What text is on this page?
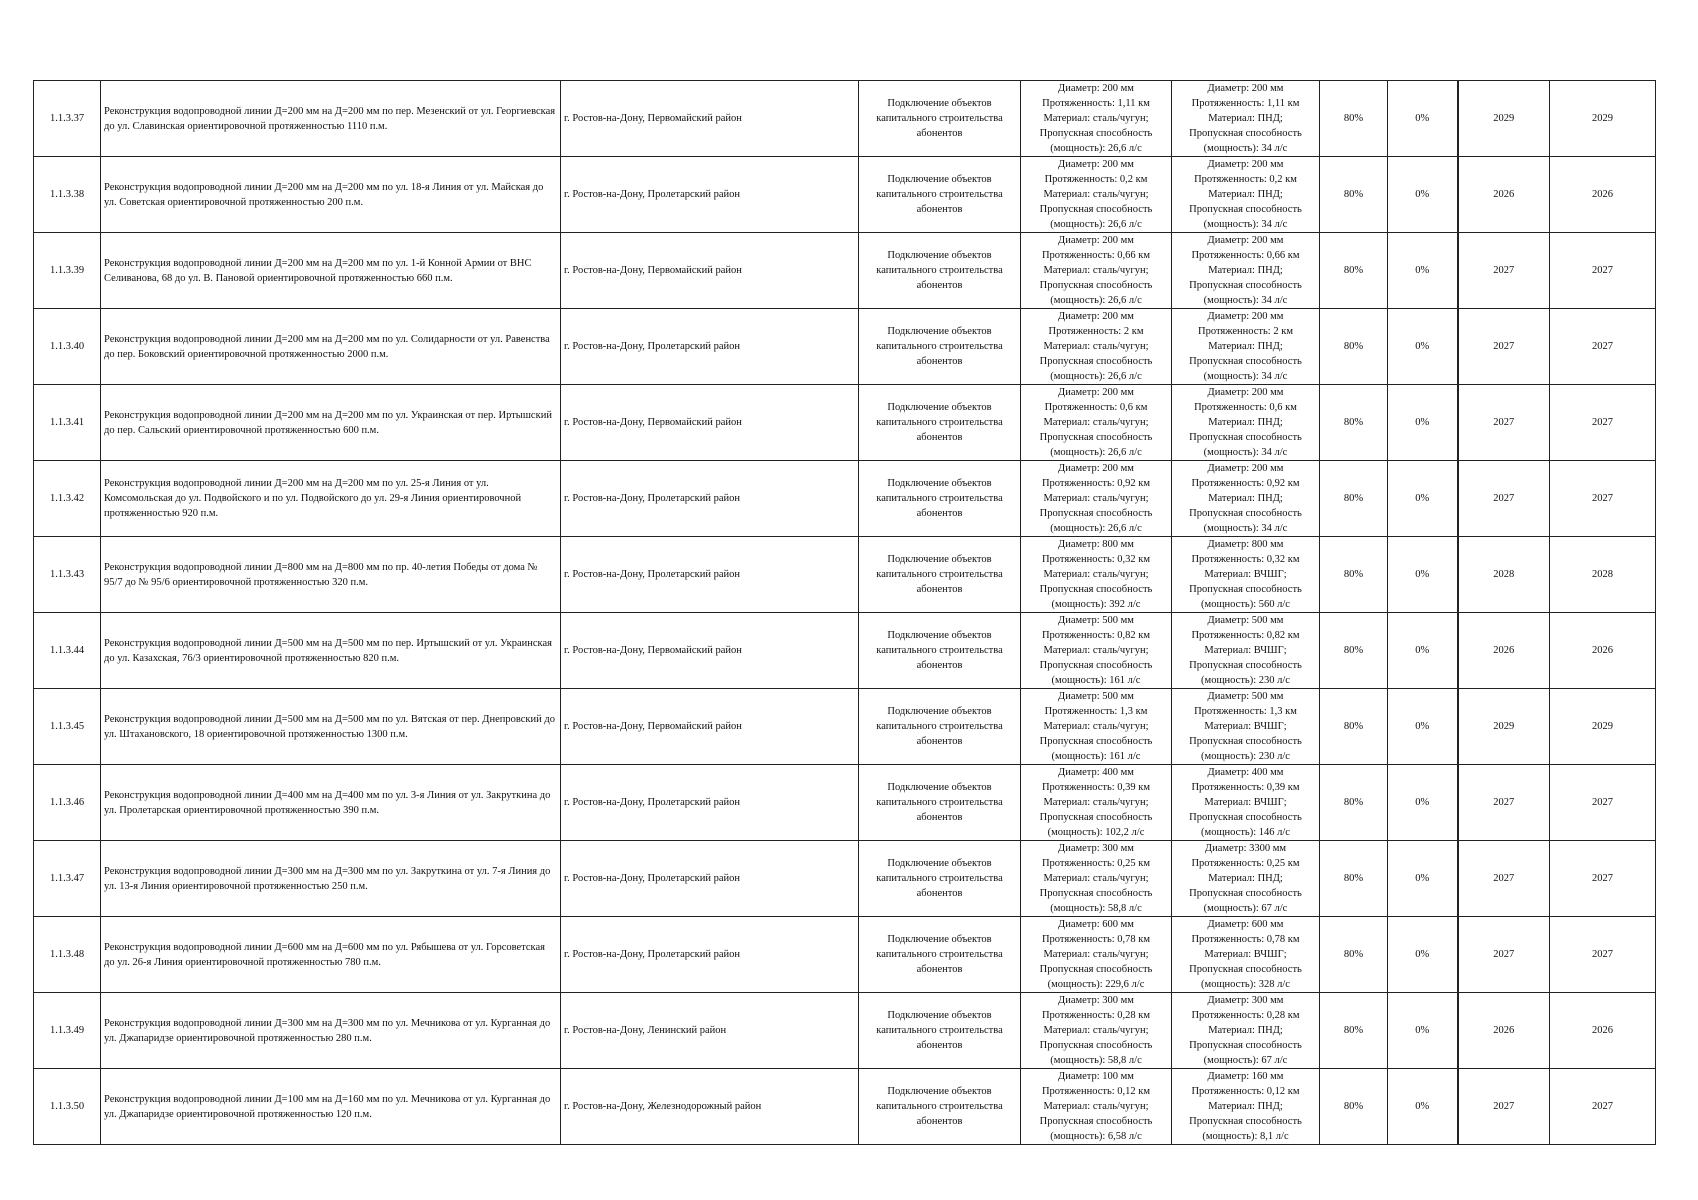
1.1.3.37	Реконструкция водопроводной линии Д=200 мм на Д=200 мм по пер. Мезенский от ул. Георгиевская до ул. Славинская ориентировочной протяженностью 1110 п.м.	г. Ростов-на-Дону, Первомайский район	Подключение объектов капитального строительства абонентов	Диаметр: 200 мм
Протяженность: 1,11 км
Материал: сталь/чугун;
Пропускная способность
(мощность): 26,6 л/с	Диаметр: 200 мм
Протяженность: 1,11 км
Материал: ПНД;
Пропускная способность
(мощность): 34 л/с	80%	0%	2029	2029
1.1.3.38	Реконструкция водопроводной линии Д=200 мм на Д=200 мм по ул. 18-я Линия от ул. Майская до ул. Советская ориентировочной протяженностью 200 п.м.	г. Ростов-на-Дону, Пролетарский район	Подключение объектов капитального строительства абонентов	Диаметр: 200 мм
Протяженность: 0,2 км
Материал: сталь/чугун;
Пропускная способность
(мощность): 26,6 л/с	Диаметр: 200 мм
Протяженность: 0,2 км
Материал: ПНД;
Пропускная способность
(мощность): 34 л/с	80%	0%	2026	2026
1.1.3.39	Реконструкция водопроводной линии Д=200 мм на Д=200 мм по ул. 1-й Конной Армии от ВНС Селиванова, 68 до ул. В. Пановой ориентировочной протяженностью 660 п.м.	г. Ростов-на-Дону, Первомайский район	Подключение объектов капитального строительства абонентов	Диаметр: 200 мм
Протяженность: 0,66 км
Материал: сталь/чугун;
Пропускная способность
(мощность): 26,6 л/с	Диаметр: 200 мм
Протяженность: 0,66 км
Материал: ПНД;
Пропускная способность
(мощность): 34 л/с	80%	0%	2027	2027
1.1.3.40	Реконструкция водопроводной линии Д=200 мм на Д=200 мм по ул. Солидарности от ул. Равенства до пер. Боковский ориентировочной протяженностью 2000 п.м.	г. Ростов-на-Дону, Пролетарский район	Подключение объектов капитального строительства абонентов	Диаметр: 200 мм
Протяженность: 2 км
Материал: сталь/чугун;
Пропускная способность
(мощность): 26,6 л/с	Диаметр: 200 мм
Протяженность: 2 км
Материал: ПНД;
Пропускная способность
(мощность): 34 л/с	80%	0%	2027	2027
1.1.3.41	Реконструкция водопроводной линии Д=200 мм на Д=200 мм по ул. Украинская от пер. Иртышский до пер. Сальский ориентировочной протяженностью 600 п.м.	г. Ростов-на-Дону, Первомайский район	Подключение объектов капитального строительства абонентов	Диаметр: 200 мм
Протяженность: 0,6 км
Материал: сталь/чугун;
Пропускная способность
(мощность): 26,6 л/с	Диаметр: 200 мм
Протяженность: 0,6 км
Материал: ПНД;
Пропускная способность
(мощность): 34 л/с	80%	0%	2027	2027
1.1.3.42	Реконструкция водопроводной линии Д=200 мм на Д=200 мм по ул. 25-я Линия от ул. Комсомольская до ул. Подвойского и по ул. Подвойского до ул. 29-я Линия ориентировочной протяженностью 920 п.м.	г. Ростов-на-Дону, Пролетарский район	Подключение объектов капитального строительства абонентов	Диаметр: 200 мм
Протяженность: 0,92 км
Материал: сталь/чугун;
Пропускная способность
(мощность): 26,6 л/с	Диаметр: 200 мм
Протяженность: 0,92 км
Материал: ПНД;
Пропускная способность
(мощность): 34 л/с	80%	0%	2027	2027
1.1.3.43	Реконструкция водопроводной линии Д=800 мм на Д=800 мм по пр. 40-летия Победы от дома № 95/7 до № 95/6 ориентировочной протяженностью 320 п.м.	г. Ростов-на-Дону, Пролетарский район	Подключение объектов капитального строительства абонентов	Диаметр: 800 мм
Протяженность: 0,32 км
Материал: сталь/чугун;
Пропускная способность
(мощность): 392 л/с	Диаметр: 800 мм
Протяженность: 0,32 км
Материал: ВЧШГ;
Пропускная способность
(мощность): 560 л/с	80%	0%	2028	2028
1.1.3.44	Реконструкция водопроводной линии Д=500 мм на Д=500 мм по пер. Иртышский от ул. Украинская до ул. Казахская, 76/3 ориентировочной протяженностью 820 п.м.	г. Ростов-на-Дону, Первомайский район	Подключение объектов капитального строительства абонентов	Диаметр: 500 мм
Протяженность: 0,82 км
Материал: сталь/чугун;
Пропускная способность
(мощность): 161 л/с	Диаметр: 500 мм
Протяженность: 0,82 км
Материал: ВЧШГ;
Пропускная способность
(мощность): 230 л/с	80%	0%	2026	2026
1.1.3.45	Реконструкция водопроводной линии Д=500 мм на Д=500 мм по ул. Вятская от пер. Днепровский до ул. Штахановского, 18 ориентировочной протяженностью 1300 п.м.	г. Ростов-на-Дону, Первомайский район	Подключение объектов капитального строительства абонентов	Диаметр: 500 мм
Протяженность: 1,3 км
Материал: сталь/чугун;
Пропускная способность
(мощность): 161 л/с	Диаметр: 500 мм
Протяженность: 1,3 км
Материал: ВЧШГ;
Пропускная способность
(мощность): 230 л/с	80%	0%	2029	2029
1.1.3.46	Реконструкция водопроводной линии Д=400 мм на Д=400 мм по ул. 3-я Линия от ул. Закруткина до ул. Пролетарская ориентировочной протяженностью 390 п.м.	г. Ростов-на-Дону, Пролетарский район	Подключение объектов капитального строительства абонентов	Диаметр: 400 мм
Протяженность: 0,39 км
Материал: сталь/чугун;
Пропускная способность
(мощность): 102,2 л/с	Диаметр: 400 мм
Протяженность: 0,39 км
Материал: ВЧШГ;
Пропускная способность
(мощность): 146 л/с	80%	0%	2027	2027
1.1.3.47	Реконструкция водопроводной линии Д=300 мм на Д=300 мм по ул. Закруткина от ул. 7-я Линия до ул. 13-я Линия ориентировочной протяженностью 250 п.м.	г. Ростов-на-Дону, Пролетарский район	Подключение объектов капитального строительства абонентов	Диаметр: 300 мм
Протяженность: 0,25 км
Материал: сталь/чугун;
Пропускная способность
(мощность): 58,8 л/с	Диаметр: 3300 мм
Протяженность: 0,25 км
Материал: ПНД;
Пропускная способность
(мощность): 67 л/с	80%	0%	2027	2027
1.1.3.48	Реконструкция водопроводной линии Д=600 мм на Д=600 мм по ул. Рябышева от ул. Горсоветская до ул. 26-я Линия ориентировочной протяженностью 780 п.м.	г. Ростов-на-Дону, Пролетарский район	Подключение объектов капитального строительства абонентов	Диаметр: 600 мм
Протяженность: 0,78 км
Материал: сталь/чугун;
Пропускная способность
(мощность): 229,6 л/с	Диаметр: 600 мм
Протяженность: 0,78 км
Материал: ВЧШГ;
Пропускная способность
(мощность): 328 л/с	80%	0%	2027	2027
1.1.3.49	Реконструкция водопроводной линии Д=300 мм на Д=300 мм по ул. Мечникова от ул. Курганная до ул. Джапаридзе ориентировочной протяженностью 280 п.м.	г. Ростов-на-Дону, Ленинский район	Подключение объектов капитального строительства абонентов	Диаметр: 300 мм
Протяженность: 0,28 км
Материал: сталь/чугун;
Пропускная способность
(мощность): 58,8 л/с	Диаметр: 300 мм
Протяженность: 0,28 км
Материал: ПНД;
Пропускная способность
(мощность): 67 л/с	80%	0%	2026	2026
1.1.3.50	Реконструкция водопроводной линии Д=100 мм на Д=160 мм по ул. Мечникова от ул. Курганная до ул. Джапаридзе ориентировочной протяженностью 120 п.м.	г. Ростов-на-Дону, Железнодорожный район	Подключение объектов капитального строительства абонентов	Диаметр: 100 мм
Протяженность: 0,12 км
Материал: сталь/чугун;
Пропускная способность
(мощность): 6,58 л/с	Диаметр: 160 мм
Протяженность: 0,12 км
Материал: ПНД;
Пропускная способность
(мощность): 8,1 л/с	80%	0%	2027	2027
